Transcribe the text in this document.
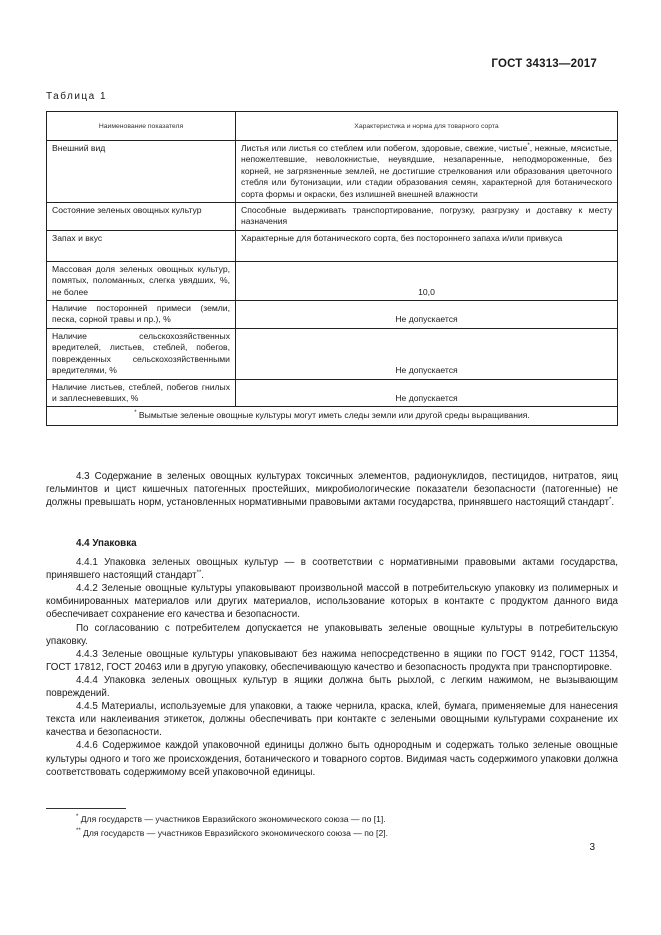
ГОСТ 34313—2017
Таблица 1
Наименование показателя	Характеристика и норма для товарного сорта
Внешний вид	Листья или листья со стеблем или побегом, здоровые, свежие, чистые*, нежные, мясистые, непожелтевшие, неволокнистые, неувядшие, незапаренные, неподмороженные, без корней, не загрязненные землей, не достигшие стрелкования или образования цветочного стебля или бутонизации, или стадии образования семян, характерной для ботанического сорта формы и окраски, без излишней внешней влажности
Состояние зеленых овощных культур	Способные выдерживать транспортирование, погрузку, разгрузку и доставку к месту назначения
Запах и вкус	Характерные для ботанического сорта, без постороннего запаха и/или привкуса
Массовая доля зеленых овощных культур, помятых, поломанных, слегка увядших, %, не более	10,0
Наличие посторонней примеси (земли, песка, сорной травы и пр.), %	Не допускается
Наличие сельскохозяйственных вредителей, листьев, стеблей, побегов, поврежденных сельскохозяйственными вредителями, %	Не допускается
Наличие листьев, стеблей, побегов гнилых и заплесневевших, %	Не допускается
* Вымытые зеленые овощные культуры могут иметь следы земли или другой среды выращивания.	

4.3 Содержание в зеленых овощных культурах токсичных элементов, радионуклидов, пестицидов, нитратов, яиц гельминтов и цист кишечных патогенных простейших, микробиологические показатели безопасности (патогенные) не должны превышать норм, установленных нормативными правовыми актами государства, принявшего настоящий стандарт*.

4.4 Упаковка

4.4.1 Упаковка зеленых овощных культур — в соответствии с нормативными правовыми актами государства, принявшего настоящий стандарт**.

4.4.2 Зеленые овощные культуры упаковывают произвольной массой в потребительскую упаковку из полимерных и комбинированных материалов или других материалов, использование которых в контакте с продуктом данного вида обеспечивает сохранение его качества и безопасности.

По согласованию с потребителем допускается не упаковывать зеленые овощные культуры в потребительскую упаковку.

4.4.3 Зеленые овощные культуры упаковывают без нажима непосредственно в ящики по ГОСТ 9142, ГОСТ 11354, ГОСТ 17812, ГОСТ 20463 или в другую упаковку, обеспечивающую качество и безопасность продукта при транспортировке.

4.4.4 Упаковка зеленых овощных культур в ящики должна быть рыхлой, с легким нажимом, не вызывающим повреждений.

4.4.5 Материалы, используемые для упаковки, а также чернила, краска, клей, бумага, применяемые для нанесения текста или наклеивания этикеток, должны обеспечивать при контакте с зелеными овощными культурами сохранение их качества и безопасности.

4.4.6 Содержимое каждой упаковочной единицы должно быть однородным и содержать только зеленые овощные культуры одного и того же происхождения, ботанического и товарного сортов. Видимая часть содержимого упаковки должна соответствовать содержимому всей упаковочной единицы.

* Для государств — участников Евразийского экономического союза — по [1].

** Для государств — участников Евразийского экономического союза — по [2].

3
